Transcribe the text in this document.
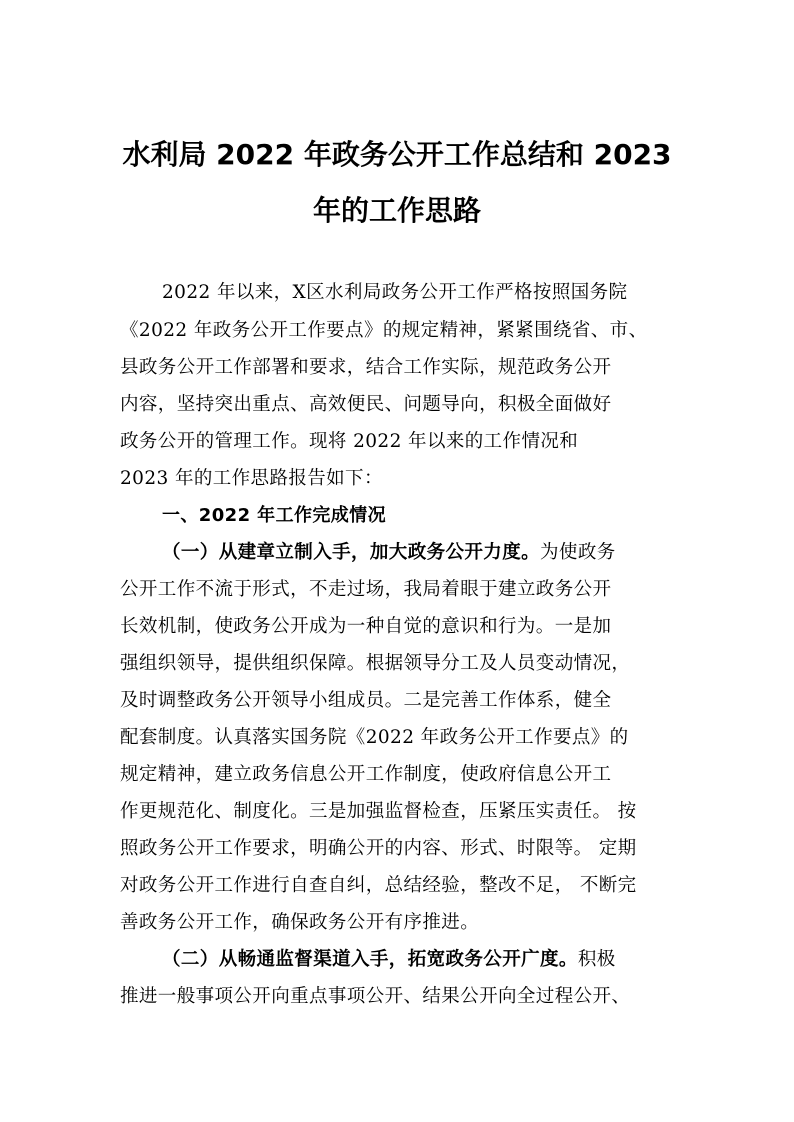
水利局 2022 年政务公开工作总结和 2023
年的工作思路

2022 年以来，X区水利局政务公开工作严格按照国务院

《2022 年政务公开工作要点》的规定精神，紧紧围绕省、市、

县政务公开工作部署和要求，结合工作实际，规范政务公开

内容，坚持突出重点、高效便民、问题导向，积极全面做好

政务公开的管理工作。现将 2022 年以来的工作情况和

2023 年的工作思路报告如下：

一、2022 年工作完成情况

（一）从建章立制入手，加大政务公开力度。为使政务

公开工作不流于形式，不走过场，我局着眼于建立政务公开

长效机制，使政务公开成为一种自觉的意识和行为。一是加

强组织领导，提供组织保障。根据领导分工及人员变动情况，

及时调整政务公开领导小组成员。二是完善工作体系，健全

配套制度。认真落实国务院《2022 年政务公开工作要点》的

规定精神，建立政务信息公开工作制度，使政府信息公开工

作更规范化、制度化。三是加强监督检查，压紧压实责任。 按

照政务公开工作要求，明确公开的内容、形式、时限等。 定期

对政务公开工作进行自查自纠，总结经验，整改不足， 不断完

善政务公开工作，确保政务公开有序推进。

（二）从畅通监督渠道入手，拓宽政务公开广度。积极

推进一般事项公开向重点事项公开、结果公开向全过程公开、
